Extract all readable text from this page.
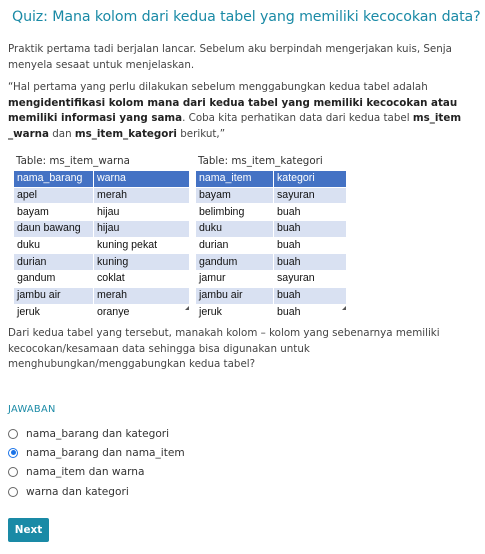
Quiz: Mana kolom dari kedua tabel yang memiliki kecocokan data?
Praktik pertama tadi berjalan lancar. Sebelum aku berpindah mengerjakan kuis, Senja menyela sesaat untuk menjelaskan.
“Hal pertama yang perlu dilakukan sebelum menggabungkan kedua tabel adalah mengidentifikasi kolom mana dari kedua tabel yang memiliki kecocokan atau memiliki informasi yang sama. Coba kita perhatikan data dari kedua tabel ms_item _warna dan ms_item_kategori berikut,”
Table: ms_item_warna
nama_barang	warna
apel	merah
bayam	hijau
daun bawang	hijau
duku	kuning pekat
durian	kuning
gandum	coklat
jambu air	merah
jeruk	oranye
Table: ms_item_kategori
nama_item	kategori
bayam	sayuran
belimbing	buah
duku	buah
durian	buah
gandum	buah
jamur	sayuran
jambu air	buah
jeruk	buah
Dari kedua tabel yang tersebut, manakah kolom – kolom yang sebenarnya memiliki kecocokan/kesamaan data sehingga bisa digunakan untuk menghubungkan/menggabungkan kedua tabel?
JAWABAN
nama_barang dan kategori
nama_barang dan nama_item
nama_item dan warna
warna dan kategori
Next
